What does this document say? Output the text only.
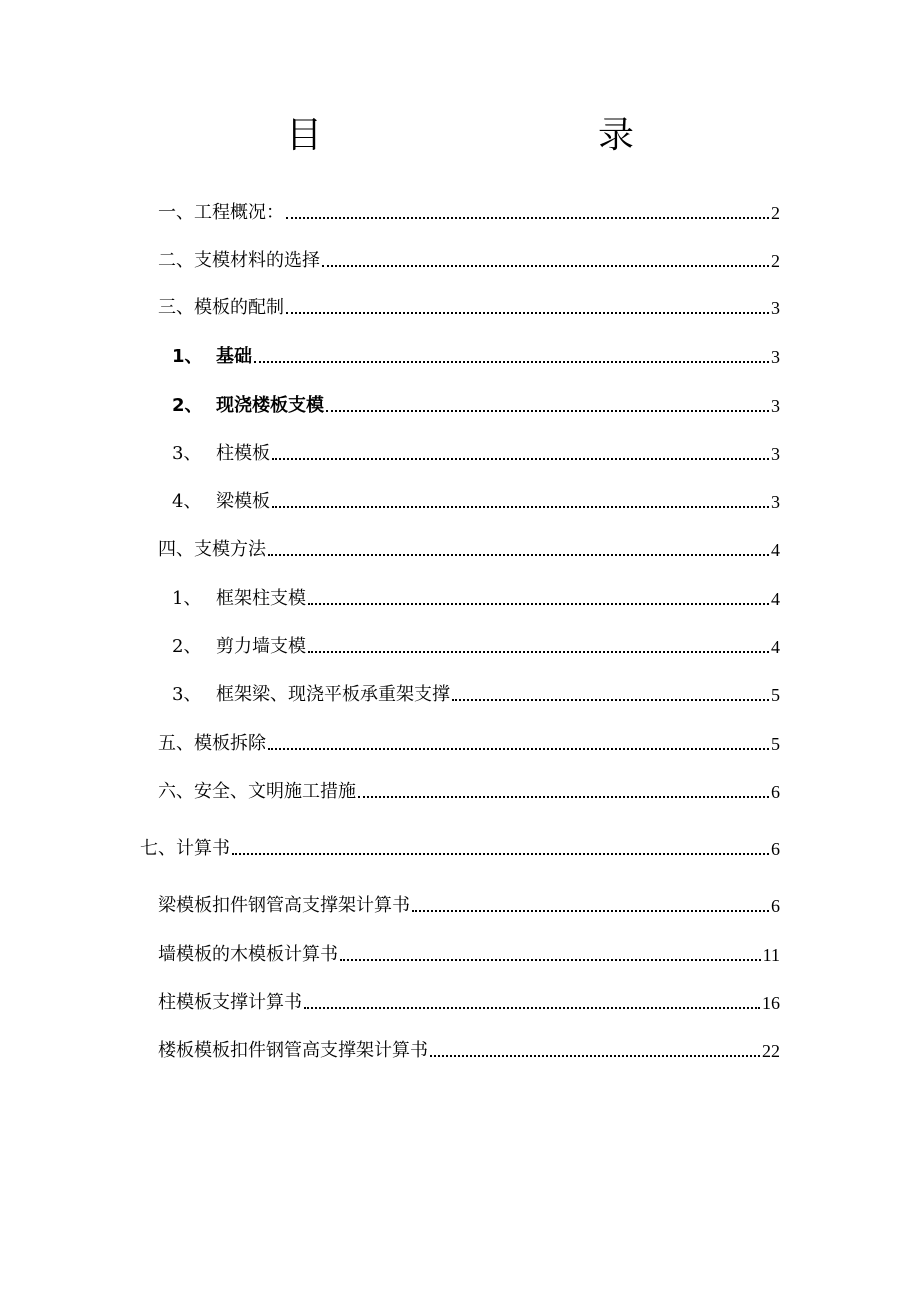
目　　录
一、工程概况：	2
二、支模材料的选择	2
三、模板的配制	3
1、 基础	3
2、 现浇楼板支模	3
3、 柱模板	3
4、 梁模板	3
四、支模方法	4
1、 框架柱支模	4
2、 剪力墙支模	4
3、 框架梁、现浇平板承重架支撑	5
五、模板拆除	5
六、安全、文明施工措施	6
七、计算书	6
梁模板扣件钢管高支撑架计算书	6
墙模板的木模板计算书	11
柱模板支撑计算书	16
楼板模板扣件钢管高支撑架计算书	22
